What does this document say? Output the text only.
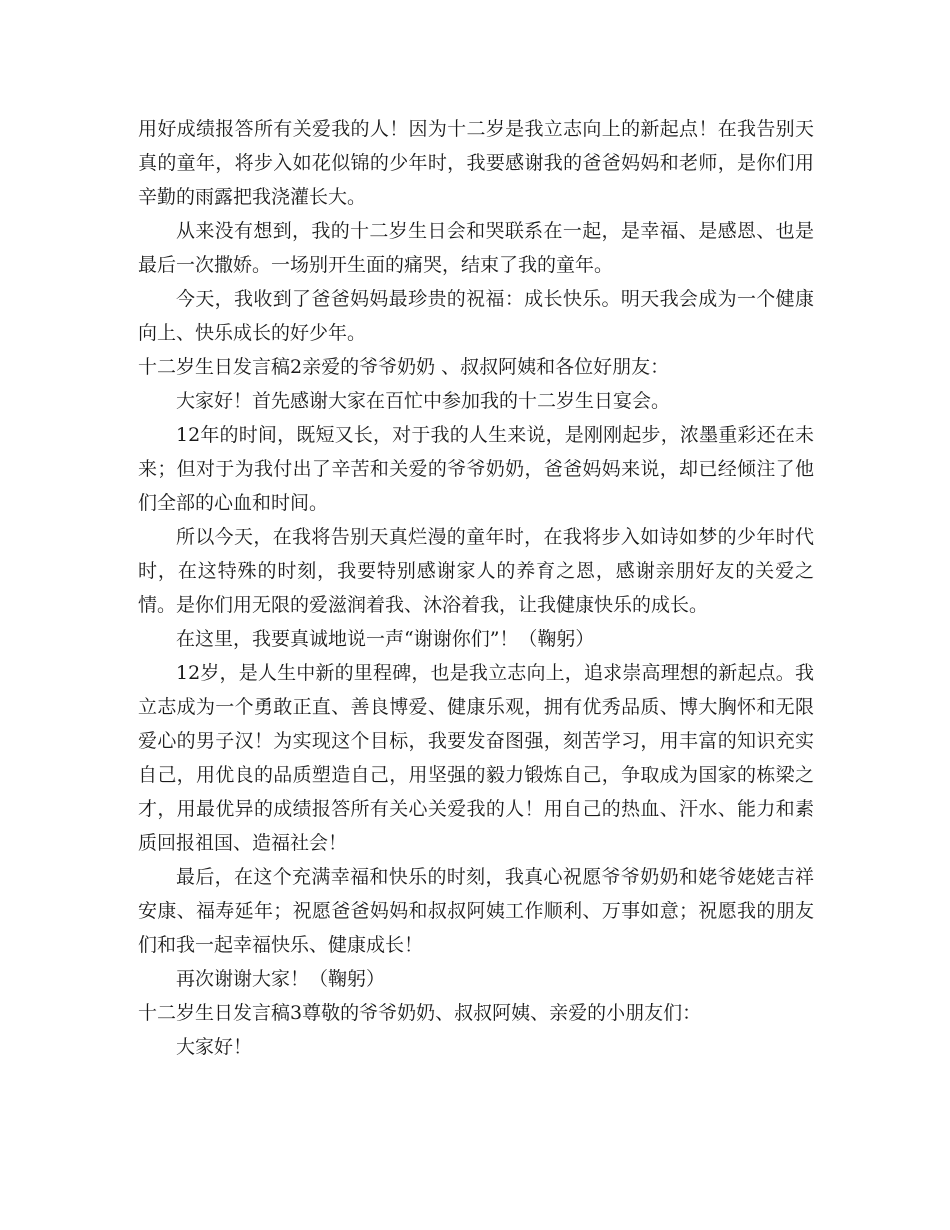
用好成绩报答所有关爱我的人！因为十二岁是我立志向上的新起点！在我告别天真的童年，将步入如花似锦的少年时，我要感谢我的爸爸妈妈和老师，是你们用辛勤的雨露把我浇灌长大。

从来没有想到，我的十二岁生日会和哭联系在一起，是幸福、是感恩、也是最后一次撒娇。一场别开生面的痛哭，结束了我的童年。

今天，我收到了爸爸妈妈最珍贵的祝福：成长快乐。明天我会成为一个健康向上、快乐成长的好少年。

十二岁生日发言稿2亲爱的爷爷奶奶 、叔叔阿姨和各位好朋友：

大家好！首先感谢大家在百忙中参加我的十二岁生日宴会。

12年的时间，既短又长，对于我的人生来说，是刚刚起步，浓墨重彩还在未来；但对于为我付出了辛苦和关爱的爷爷奶奶，爸爸妈妈来说，却已经倾注了他们全部的心血和时间。

所以今天，在我将告别天真烂漫的童年时，在我将步入如诗如梦的少年时代时，在这特殊的时刻，我要特别感谢家人的养育之恩，感谢亲朋好友的关爱之情。是你们用无限的爱滋润着我、沐浴着我，让我健康快乐的成长。

在这里，我要真诚地说一声“谢谢你们”！（鞠躬）

12岁，是人生中新的里程碑，也是我立志向上，追求崇高理想的新起点。我立志成为一个勇敢正直、善良博爱、健康乐观，拥有优秀品质、博大胸怀和无限爱心的男子汉！为实现这个目标，我要发奋图强，刻苦学习，用丰富的知识充实自己，用优良的品质塑造自己，用坚强的毅力锻炼自己，争取成为国家的栋梁之才，用最优异的成绩报答所有关心关爱我的人！用自己的热血、汗水、能力和素质回报祖国、造福社会！

最后，在这个充满幸福和快乐的时刻，我真心祝愿爷爷奶奶和姥爷姥姥吉祥安康、福寿延年；祝愿爸爸妈妈和叔叔阿姨工作顺利、万事如意；祝愿我的朋友们和我一起幸福快乐、健康成长！

再次谢谢大家！（鞠躬）

十二岁生日发言稿3尊敬的爷爷奶奶、叔叔阿姨、亲爱的小朋友们：

大家好！
